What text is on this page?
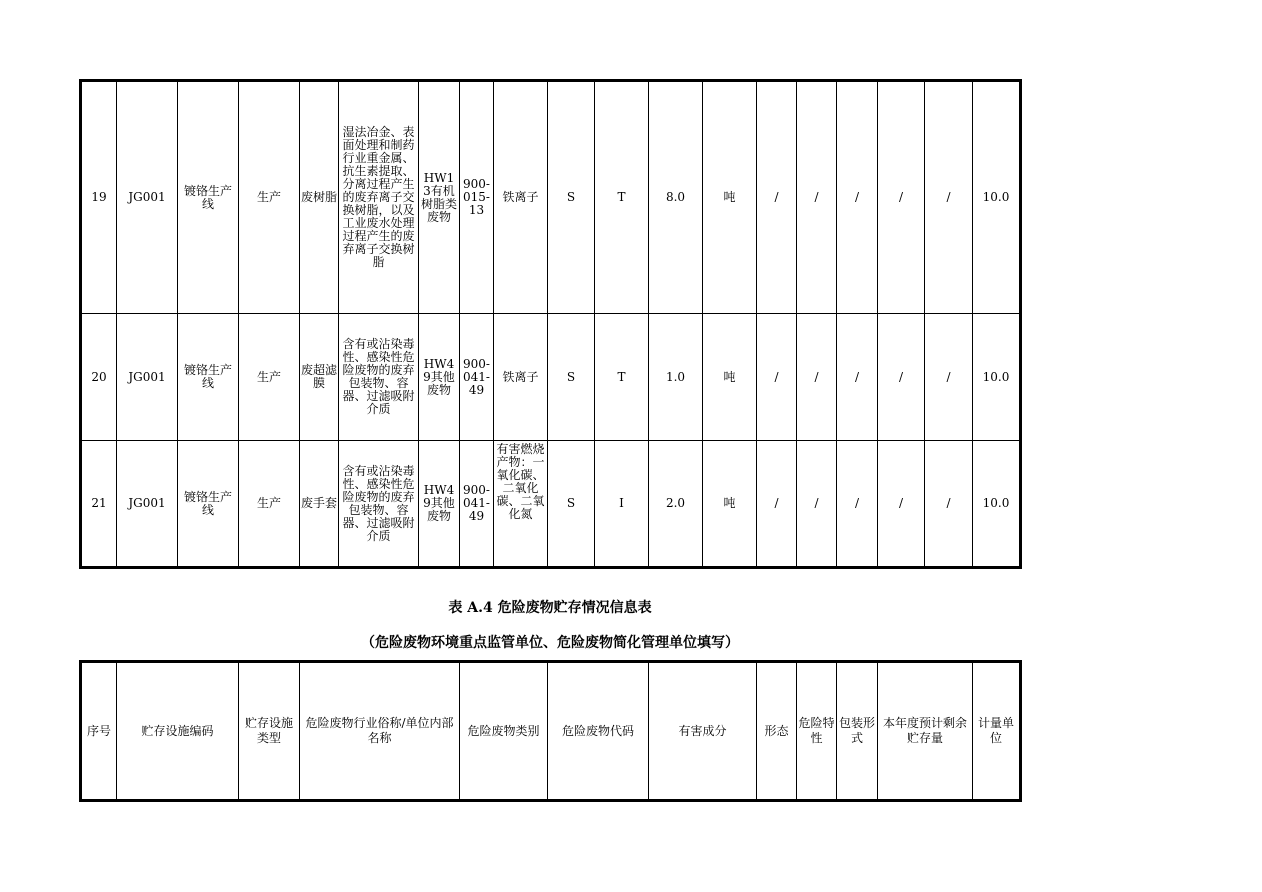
19	JG001	镀铬生产线	生产	废树脂	湿法冶金、表面处理和制药行业重金属、抗生素提取、分离过程产生的废弃离子交换树脂，以及工业废水处理过程产生的废弃离子交换树脂	HW13有机树脂类废物	900-015-13	铁离子	S	T	8.0	吨	/	/	/	/	/	10.0
20	JG001	镀铬生产线	生产	废超滤膜	含有或沾染毒性、感染性危险废物的废弃包装物、容器、过滤吸附介质	HW49其他废物	900-041-49	铁离子	S	T	1.0	吨	/	/	/	/	/	10.0
21	JG001	镀铬生产线	生产	废手套	含有或沾染毒性、感染性危险废物的废弃包装物、容器、过滤吸附介质	HW49其他废物	900-041-49	有害燃烧产物：一氧化碳、二氧化碳、二氧化氮	S	I	2.0	吨	/	/	/	/	/	10.0
表 A.4 危险废物贮存情况信息表
（危险废物环境重点监管单位、危险废物简化管理单位填写）
序号	贮存设施编码	贮存设施类型	危险废物行业俗称/单位内部名称	危险废物类别	危险废物代码	有害成分	形态	危险特性	包装形式	本年度预计剩余贮存量	计量单位
